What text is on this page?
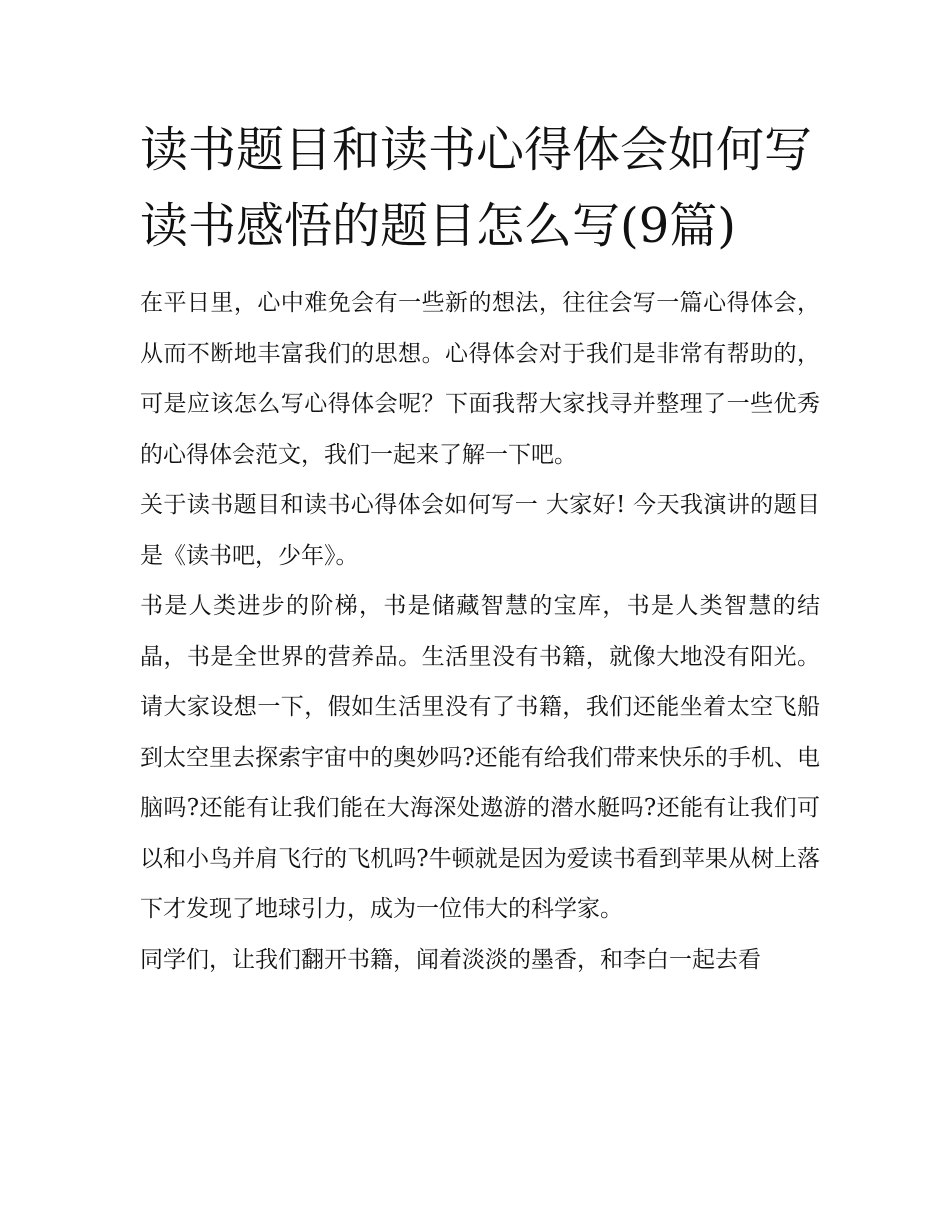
读书题目和读书心得体会如何写 读书感悟的题目怎么写(9篇)

在平日里，心中难免会有一些新的想法，往往会写一篇心得体会，从而不断地丰富我们的思想。心得体会对于我们是非常有帮助的，可是应该怎么写心得体会呢？下面我帮大家找寻并整理了一些优秀的心得体会范文，我们一起来了解一下吧。

关于读书题目和读书心得体会如何写一 大家好! 今天我演讲的题目是《读书吧，少年》。

书是人类进步的阶梯，书是储藏智慧的宝库，书是人类智慧的结晶，书是全世界的营养品。生活里没有书籍，就像大地没有阳光。请大家设想一下，假如生活里没有了书籍，我们还能坐着太空飞船到太空里去探索宇宙中的奥妙吗?还能有给我们带来快乐的手机、电脑吗?还能有让我们能在大海深处遨游的潜水艇吗?还能有让我们可以和小鸟并肩飞行的飞机吗?牛顿就是因为爱读书看到苹果从树上落下才发现了地球引力，成为一位伟大的科学家。

同学们，让我们翻开书籍，闻着淡淡的墨香，和李白一起去看
